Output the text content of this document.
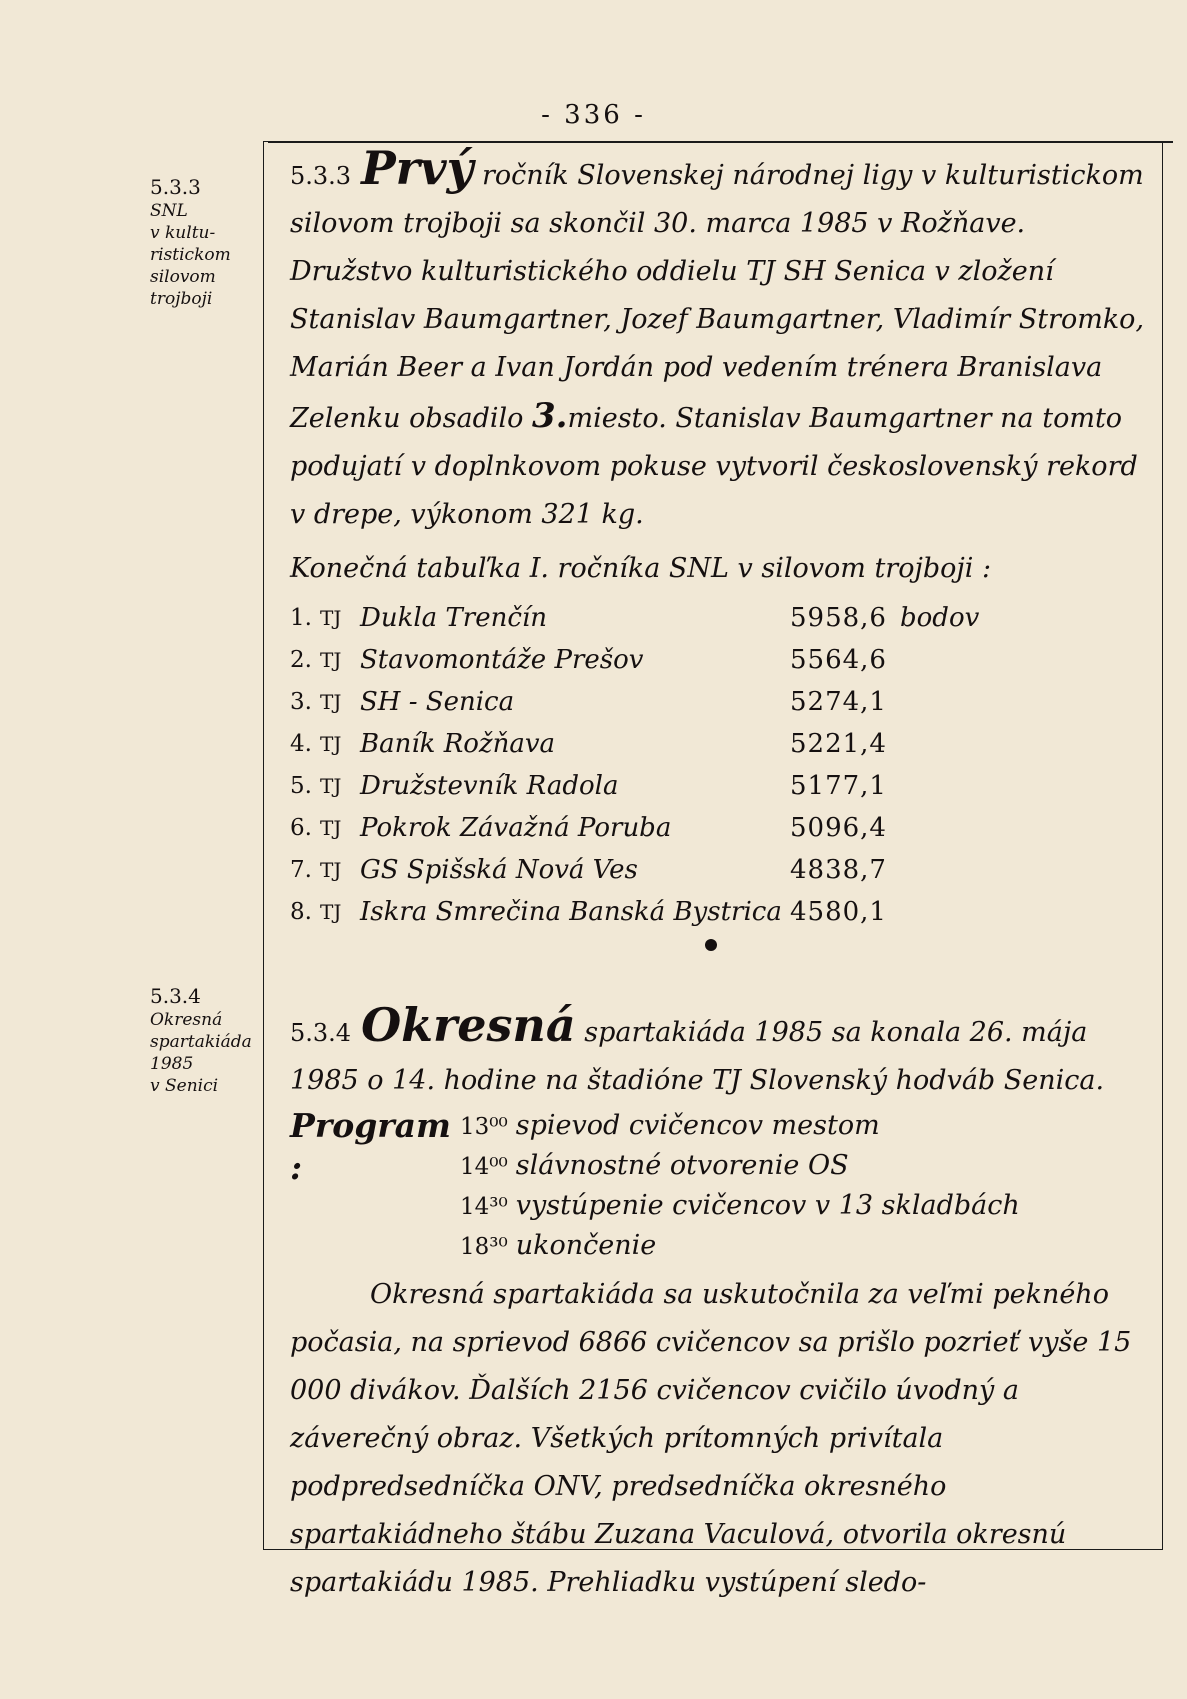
- 336 -
5.3.3
SNL
v kultu-
ristickom
silovom
trojboji
5.3.4
Okresná
spartakiáda
1985
v Senici

5.3.3 Prvý ročník Slovenskej národnej ligy v kulturistickom silovom trojboji sa skončil 30. marca 1985 v Rožňave. Družstvo kulturistického oddielu TJ SH Senica v zložení Stanislav Baumgartner, Jozef Baumgartner, Vladimír Stromko, Marián Beer a Ivan Jordán pod vedením trénera Branislava Zelenku obsadilo 3.miesto. Stanislav Baumgartner na tomto podujatí v doplnkovom pokuse vytvoril československý rekord v drepe, výkonom 321 kg.

Konečná tabuľka I. ročníka SNL v silovom trojboji :
1. TJ Dukla Trenčín	5958,6 bodov
2. TJ Stavomontáže Prešov	5564,6
3. TJ SH - Senica	5274,1
4. TJ Baník Rožňava	5221,4
5. TJ Družstevník Radola	5177,1
6. TJ Pokrok Závažná Poruba	5096,4
7. TJ GS Spišská Nová Ves	4838,7
8. TJ Iskra Smrečina Banská Bystrica 4580,1

5.3.4 Okresná spartakiáda 1985 sa konala 26. mája 1985 o 14. hodine na štadióne TJ Slovenský hodváb Senica.

Program :
13⁰⁰ spievod cvičencov mestom
14⁰⁰ slávnostné otvorenie OS
14³⁰ vystúpenie cvičencov v 13 skladbách
18³⁰ ukončenie

Okresná spartakiáda sa uskutočnila za veľmi pekného počasia, na sprievod 6866 cvičencov sa prišlo pozrieť vyše 15 000 divákov. Ďalších 2156 cvičencov cvičilo úvodný a záverečný obraz. Všetkých prítomných privítala podpredsedníčka ONV, predsedníčka okresného spartakiádneho štábu Zuzana Vaculová, otvorila okresnú spartakiádu 1985. Prehliadku vystúpení sledo-
